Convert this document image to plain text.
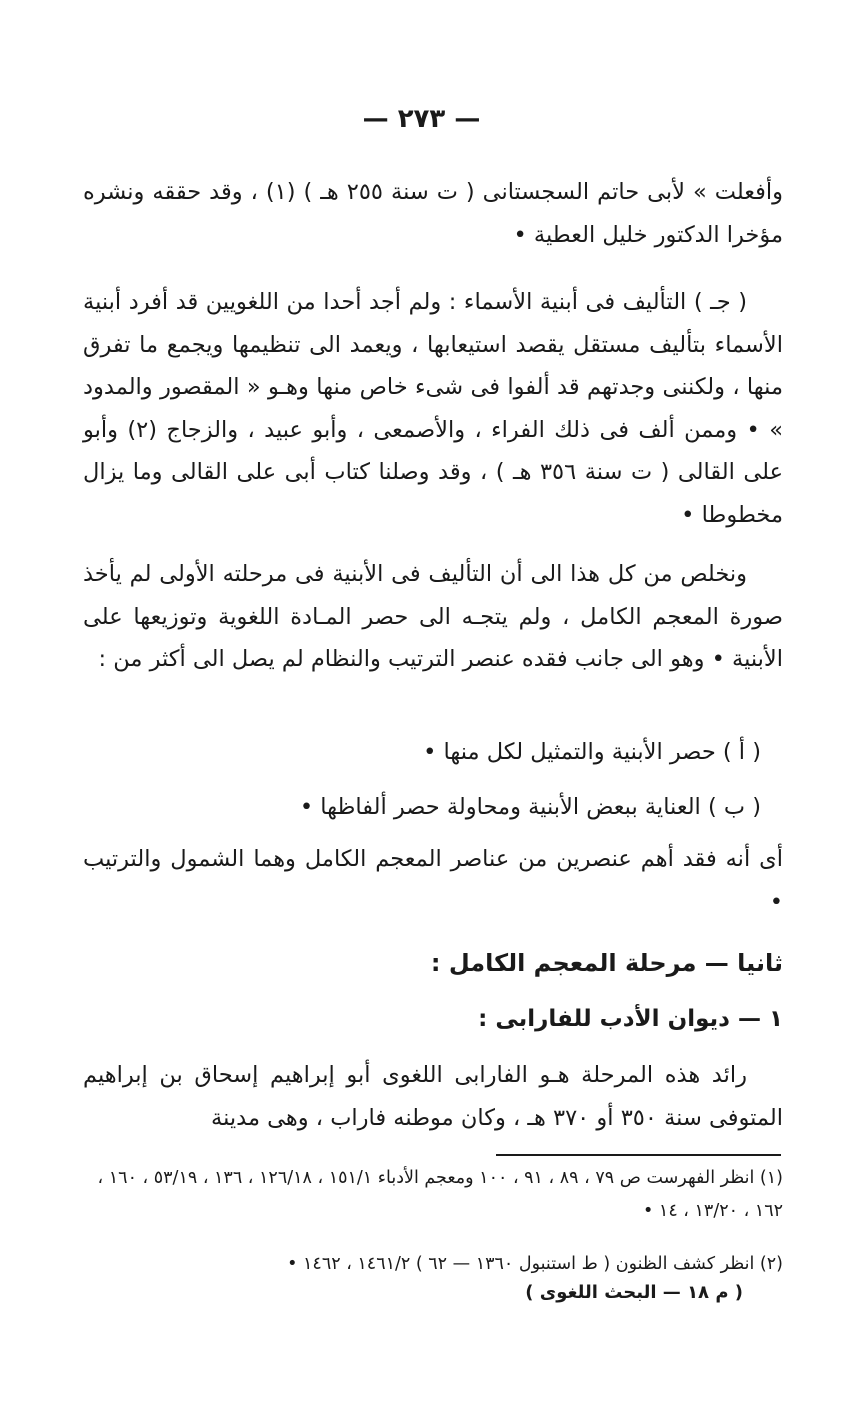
— ٢٧٣ —

وأفعلت » لأبى حاتم السجستانى ( ت سنة ٢٥٥ هـ ) (١) ، وقد حققه ونشره مؤخرا الدكتور خليل العطية •

( جـ ) التأليف فى أبنية الأسماء : ولم أجد أحدا من اللغويين قد أفرد أبنية الأسماء بتأليف مستقل يقصد استيعابها ، ويعمد الى تنظيمها ويجمع ما تفرق منها ، ولكننى وجدتهم قد ألفوا فى شىء خاص منها وهـو « المقصور والمدود » • وممن ألف فى ذلك الفراء ، والأصمعى ، وأبو عبيد ، والزجاج (٢) وأبو على القالى ( ت سنة ٣٥٦ هـ ) ، وقد وصلنا كتاب أبى على القالى وما يزال مخطوطا •

ونخلص من كل هذا الى أن التأليف فى الأبنية فى مرحلته الأولى لم يأخذ صورة المعجم الكامل ، ولم يتجـه الى حصر المـادة اللغوية وتوزيعها على الأبنية • وهو الى جانب فقده عنصر الترتيب والنظام لم يصل الى أكثر من :

( أ ) حصر الأبنية والتمثيل لكل منها •
( ب ) العناية ببعض الأبنية ومحاولة حصر ألفاظها •

أى أنه فقد أهم عنصرين من عناصر المعجم الكامل وهما الشمول والترتيب •

ثانيا — مرحلة المعجم الكامل :
١ — ديوان الأدب للفارابى :

رائد هذه المرحلة هـو الفارابى اللغوى أبو إبراهيم إسحاق بن إبراهيم المتوفى سنة ٣٥٠ أو ٣٧٠ هـ ، وكان موطنه فاراب ، وهى مدينة

(١) انظر الفهرست ص ٧٩ ، ٨٩ ، ٩١ ، ١٠٠ ومعجم الأدباء ١٥١/١ ، ١٢٦/١٨ ، ١٣٦ ، ٥٣/١٩ ، ١٦٠ ، ١٦٢ ، ١٣/٢٠ ، ١٤ •

(٢) انظر كشف الظنون ( ط استنبول ١٣٦٠ — ٦٢ ) ١٤٦١/٢ ، ١٤٦٢ •

( م ١٨ — البحث اللغوى )
